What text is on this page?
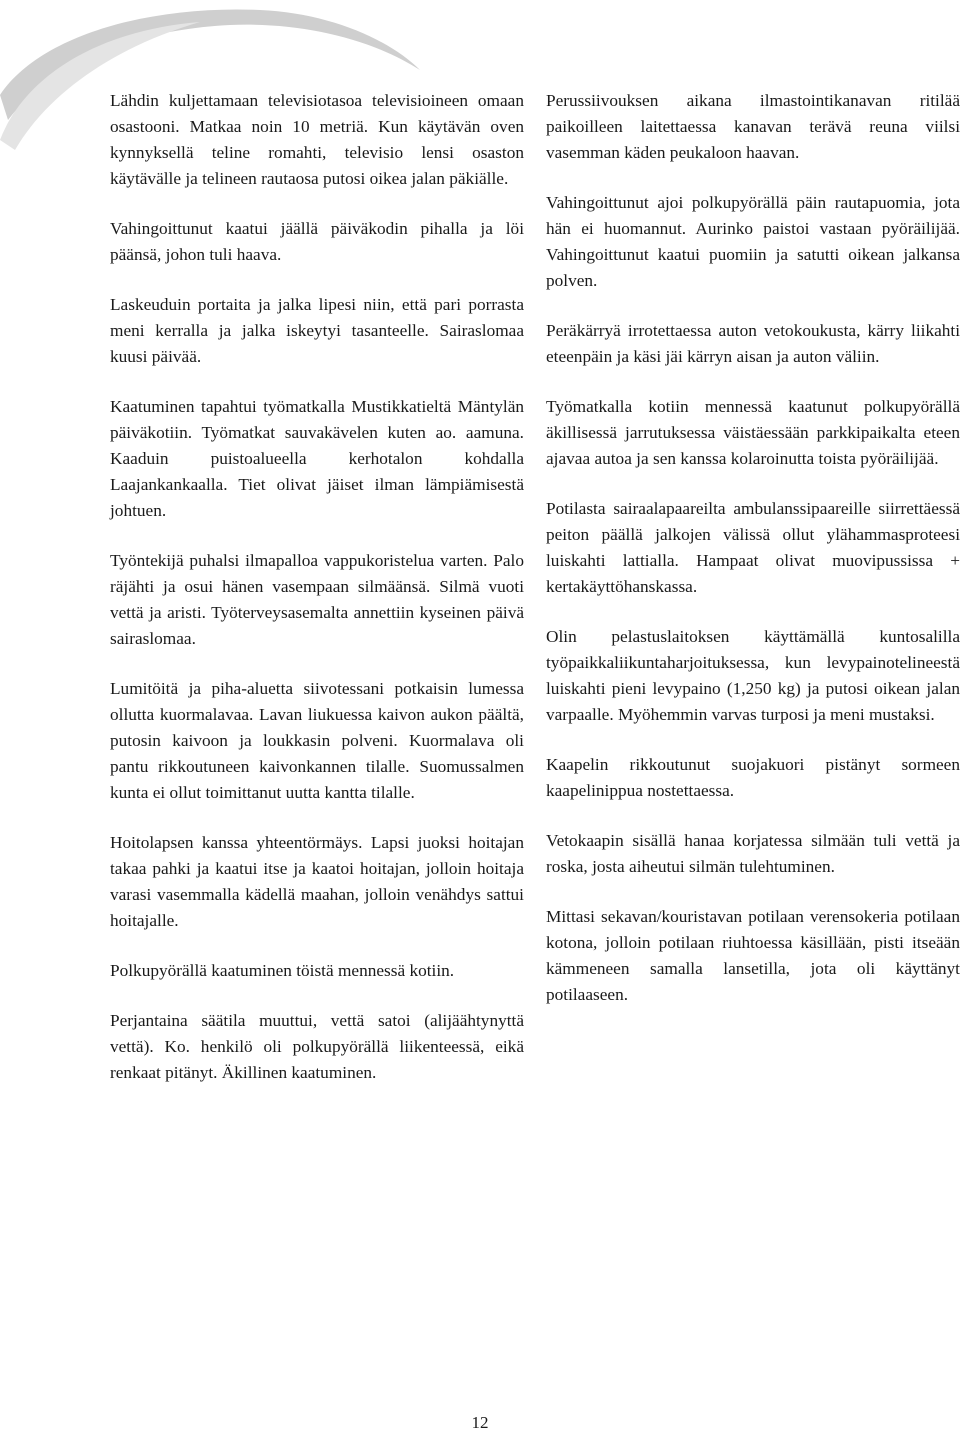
Lähdin kuljettamaan televisiotasoa televisioineen omaan osastooni. Matkaa noin 10 metriä. Kun käytävän oven kynnyksellä teline romahti, televisio lensi osaston käytävälle ja telineen rautaosa putosi oikea jalan päkiälle.

Vahingoittunut kaatui jäällä päiväkodin pihalla ja löi päänsä, johon tuli haava.

Laskeuduin portaita ja jalka lipesi niin, että pari porrasta meni kerralla ja jalka iskeytyi tasanteelle. Sairaslomaa kuusi päivää.

Kaatuminen tapahtui työmatkalla Mustikkatieltä Mäntylän päiväkotiin. Työmatkat sauvakävelen kuten ao. aamuna. Kaaduin puistoalueella kerhotalon kohdalla Laajankankaalla. Tiet olivat jäiset ilman lämpiämisestä johtuen.

Työntekijä puhalsi ilmapalloa vappukoristelua varten. Palo räjähti ja osui hänen vasempaan silmäänsä. Silmä vuoti vettä ja aristi. Työterveysasemalta annettiin kyseinen päivä sairaslomaa.

Lumitöitä ja piha-aluetta siivotessani potkaisin lumessa ollutta kuormalavaa. Lavan liukuessa kaivon aukon päältä, putosin kaivoon ja loukkasin polveni. Kuormalava oli pantu rikkoutuneen kaivonkannen tilalle. Suomussalmen kunta ei ollut toimittanut uutta kantta tilalle.

Hoitolapsen kanssa yhteentörmäys. Lapsi juoksi hoitajan takaa pahki ja kaatui itse ja kaatoi hoitajan, jolloin hoitaja varasi vasemmalla kädellä maahan, jolloin venähdys sattui hoitajalle.

Polkupyörällä kaatuminen töistä mennessä kotiin.

Perjantaina säätila muuttui, vettä satoi (alijäähtynyttä vettä). Ko. henkilö oli polkupyörällä liikenteessä, eikä renkaat pitänyt. Äkillinen kaatuminen.

Perussiivouksen aikana ilmastointikanavan ritilää paikoilleen laitettaessa kanavan terävä reuna viilsi vasemman käden peukaloon haavan.

Vahingoittunut ajoi polkupyörällä päin rautapuomia, jota hän ei huomannut. Aurinko paistoi vastaan pyöräilijää. Vahingoittunut kaatui puomiin ja satutti oikean jalkansa polven.

Peräkärryä irrotettaessa auton vetokoukusta, kärry liikahti eteenpäin ja käsi jäi kärryn aisan ja auton väliin.

Työmatkalla kotiin mennessä kaatunut polkupyörällä äkillisessä jarrutuksessa väistäessään parkkipaikalta eteen ajavaa autoa ja sen kanssa kolaroinutta toista pyöräilijää.

Potilasta sairaalapaareilta ambulanssipaareille siirrettäessä peiton päällä jalkojen välissä ollut ylähammasproteesi luiskahti lattialla. Hampaat olivat muovipussissa + kertakäyttöhanskassa.

Olin pelastuslaitoksen käyttämällä kuntosalilla työpaikkaliikuntaharjoituksessa, kun levypainotelineestä luiskahti pieni levypaino (1,250 kg) ja putosi oikean jalan varpaalle. Myöhemmin varvas turposi ja meni mustaksi.

Kaapelin rikkoutunut suojakuori pistänyt sormeen kaapelinippua nostettaessa.

Vetokaapin sisällä hanaa korjatessa silmään tuli vettä ja roska, josta aiheutui silmän tulehtuminen.

Mittasi sekavan/kouristavan potilaan verensokeria potilaan kotona, jolloin potilaan riuhtoessa käsillään, pisti itseään kämmeneen samalla lansetilla, jota oli käyttänyt potilaaseen.

12
